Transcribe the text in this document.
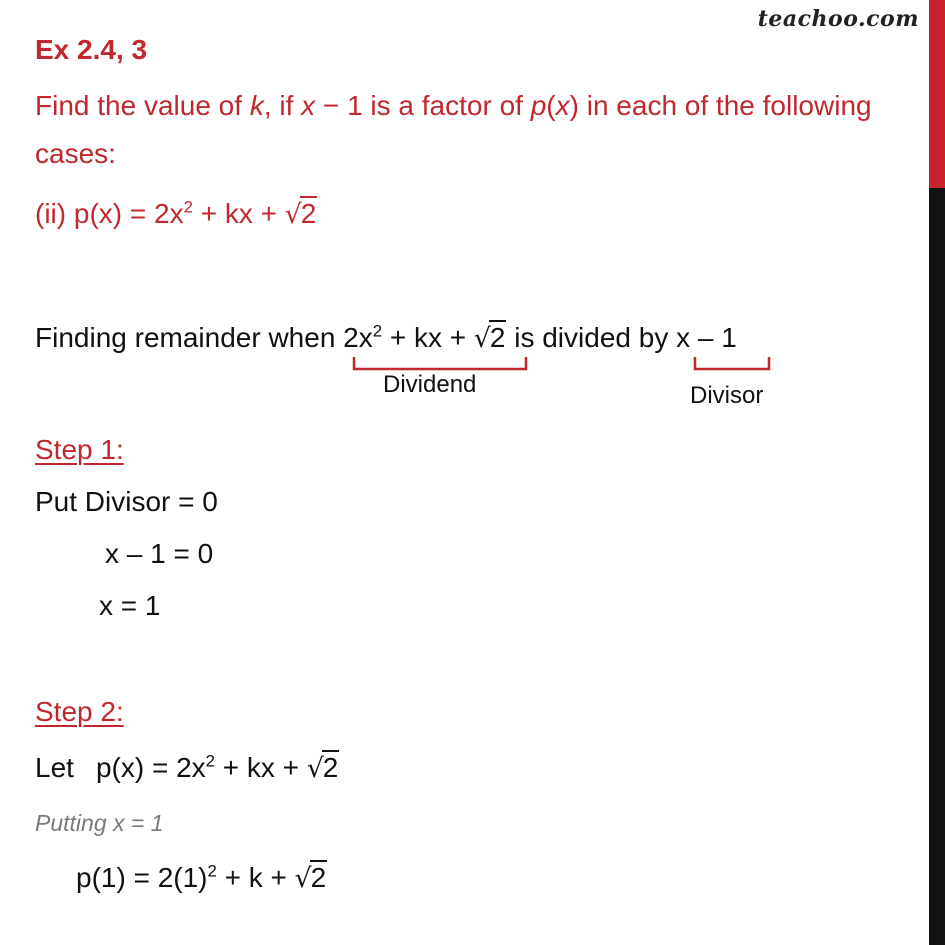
teachoo.com
Ex 2.4, 3
Find the value of k, if x − 1 is a factor of p(x) in each of the following
cases:
(ii) $p(x) = 2x^2$ + kx + √2
Finding remainder when $2x^2$ + kx + √2 is divided by x – 1
Dividend	Divisor
Step 1:
Put Divisor = 0
x – 1 = 0
x = 1
Step 2:
Let $p(x) = 2x^2$ + kx + √2
Putting x = 1
$p(1) = 2(1)^2 + k + √2$
